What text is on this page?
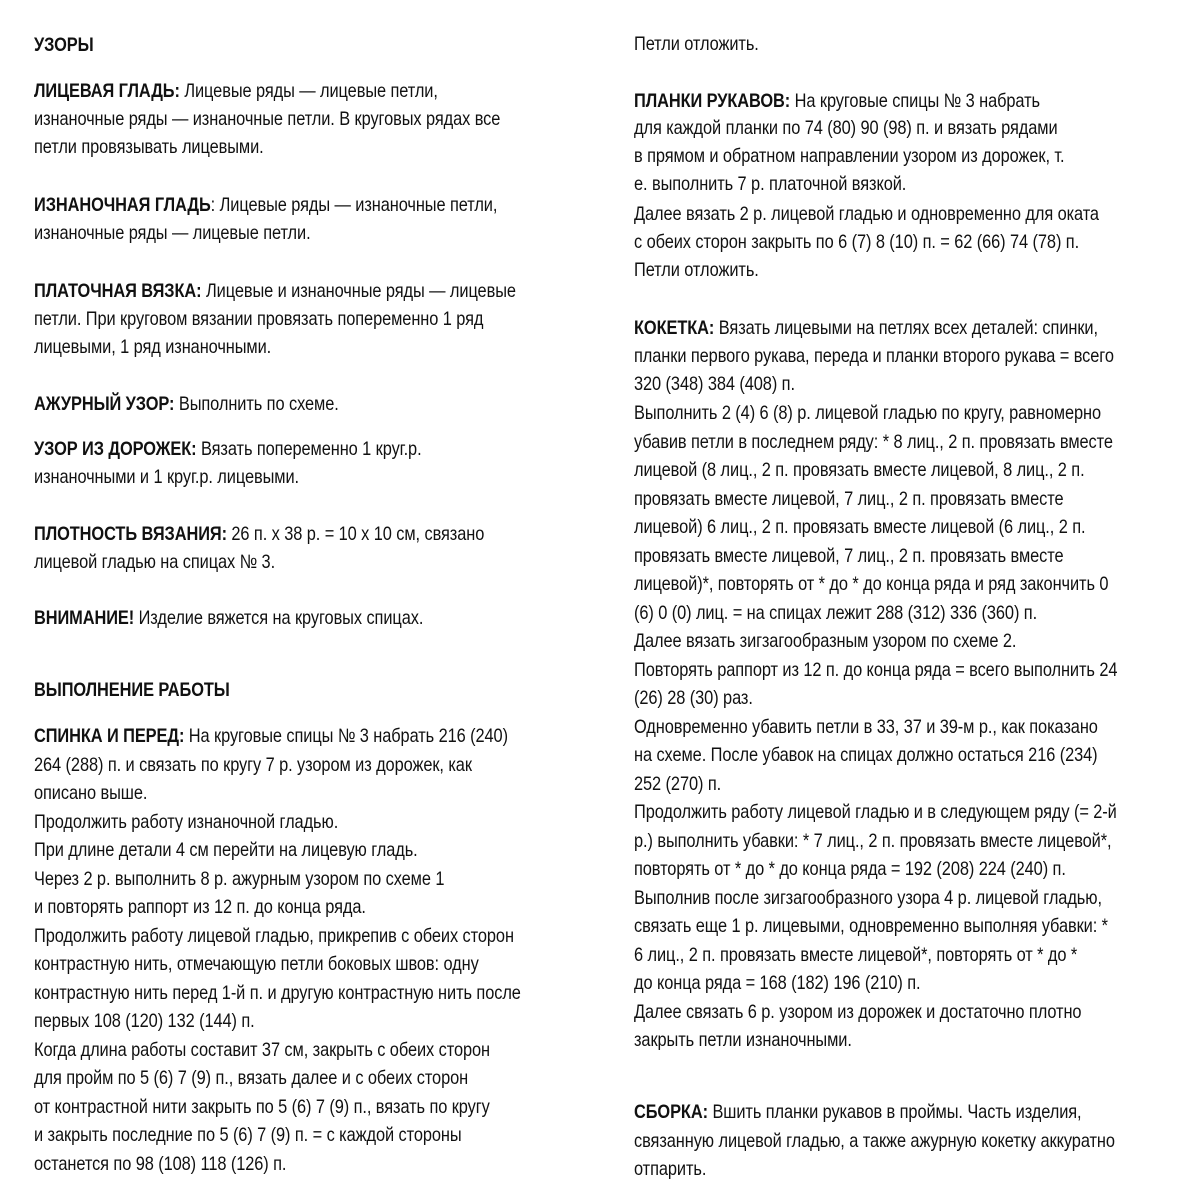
УЗОРЫ
ЛИЦЕВАЯ ГЛАДЬ: Лицевые ряды — лицевые петли,
изнаночные ряды — изнаночные петли. В круговых рядах все
петли провязывать лицевыми.
ИЗНАНОЧНАЯ ГЛАДЬ: Лицевые ряды — изнаночные петли,
изнаночные ряды — лицевые петли.
ПЛАТОЧНАЯ ВЯЗКА: Лицевые и изнаночные ряды — лицевые
петли. При круговом вязании провязать попеременно 1 ряд
лицевыми, 1 ряд изнаночными.
АЖУРНЫЙ УЗОР: Выполнить по схеме.
УЗОР ИЗ ДОРОЖЕК: Вязать попеременно 1 круг.р.
изнаночными и 1 круг.р. лицевыми.
ПЛОТНОСТЬ ВЯЗАНИЯ: 26 п. х 38 р. = 10 х 10 см, связано
лицевой гладью на спицах № 3.
ВНИМАНИЕ! Изделие вяжется на круговых спицах.
ВЫПОЛНЕНИЕ РАБОТЫ
СПИНКА И ПЕРЕД: На круговые спицы № 3 набрать 216 (240)
264 (288) п. и связать по кругу 7 р. узором из дорожек, как
описано выше.
Продолжить работу изнаночной гладью.
При длине детали 4 см перейти на лицевую гладь.
Через 2 р. выполнить 8 р. ажурным узором по схеме 1
и повторять раппорт из 12 п. до конца ряда.
Продолжить работу лицевой гладью, прикрепив с обеих сторон
контрастную нить, отмечающую петли боковых швов: одну
контрастную нить перед 1-й п. и другую контрастную нить после
первых 108 (120) 132 (144) п.
Когда длина работы составит 37 см, закрыть с обеих сторон
для пройм по 5 (6) 7 (9) п., вязать далее и с обеих сторон
от контрастной нити закрыть по 5 (6) 7 (9) п., вязать по кругу
и закрыть последние по 5 (6) 7 (9) п. = с каждой стороны
останется по 98 (108) 118 (126) п.
Петли отложить.
ПЛАНКИ РУКАВОВ: На круговые спицы № 3 набрать
для каждой планки по 74 (80) 90 (98) п. и вязать рядами
в прямом и обратном направлении узором из дорожек, т.
е. выполнить 7 р. платочной вязкой.
Далее вязать 2 р. лицевой гладью и одновременно для оката
с обеих сторон закрыть по 6 (7) 8 (10) п. = 62 (66) 74 (78) п.
Петли отложить.
КОКЕТКА: Вязать лицевыми на петлях всех деталей: спинки,
планки первого рукава, переда и планки второго рукава = всего
320 (348) 384 (408) п.
Выполнить 2 (4) 6 (8) р. лицевой гладью по кругу, равномерно
убавив петли в последнем ряду: * 8 лиц., 2 п. провязать вместе
лицевой (8 лиц., 2 п. провязать вместе лицевой, 8 лиц., 2 п.
провязать вместе лицевой, 7 лиц., 2 п. провязать вместе
лицевой) 6 лиц., 2 п. провязать вместе лицевой (6 лиц., 2 п.
провязать вместе лицевой, 7 лиц., 2 п. провязать вместе
лицевой)*, повторять от * до * до конца ряда и ряд закончить 0
(6) 0 (0) лиц. = на спицах лежит 288 (312) 336 (360) п.
Далее вязать зигзагообразным узором по схеме 2.
Повторять раппорт из 12 п. до конца ряда = всего выполнить 24
(26) 28 (30) раз.
Одновременно убавить петли в 33, 37 и 39-м р., как показано
на схеме. После убавок на спицах должно остаться 216 (234)
252 (270) п.
Продолжить работу лицевой гладью и в следующем ряду (= 2-й
р.) выполнить убавки: * 7 лиц., 2 п. провязать вместе лицевой*,
повторять от * до * до конца ряда = 192 (208) 224 (240) п.
Выполнив после зигзагообразного узора 4 р. лицевой гладью,
связать еще 1 р. лицевыми, одновременно выполняя убавки: *
6 лиц., 2 п. провязать вместе лицевой*, повторять от * до *
до конца ряда = 168 (182) 196 (210) п.
Далее связать 6 р. узором из дорожек и достаточно плотно
закрыть петли изнаночными.
СБОРКА: Вшить планки рукавов в проймы. Часть изделия,
связанную лицевой гладью, а также ажурную кокетку аккуратно
отпарить.
